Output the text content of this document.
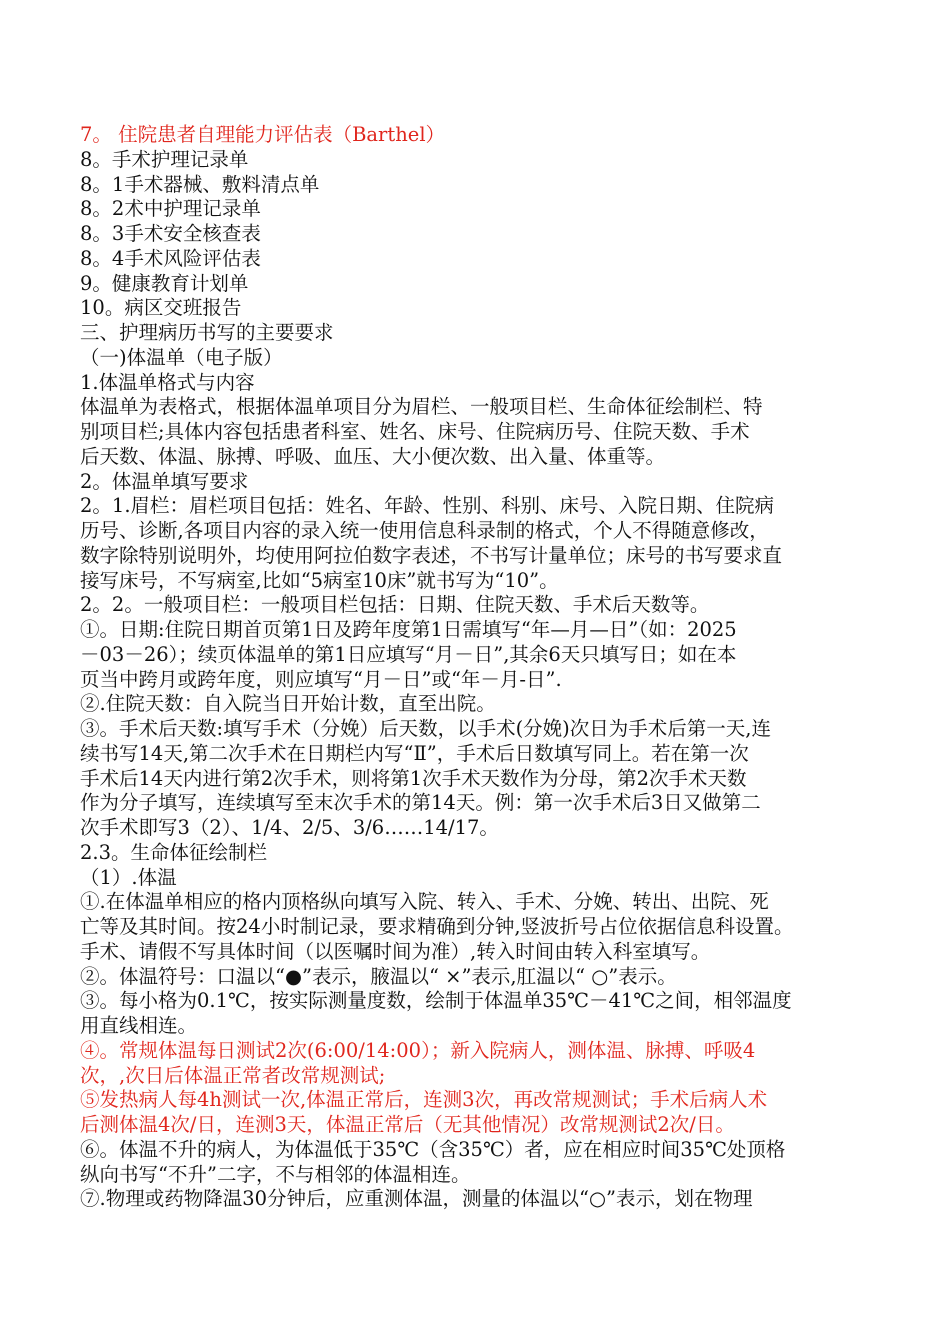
7。 住院患者自理能力评估表（Barthel）
8。手术护理记录单
8。1手术器械、敷料清点单
8。2术中护理记录单
8。3手术安全核查表
8。4手术风险评估表
9。健康教育计划单
10。病区交班报告
三、护理病历书写的主要要求
（一)体温单（电子版）
1.体温单格式与内容
体温单为表格式，根据体温单项目分为眉栏、一般项目栏、生命体征绘制栏、特
别项目栏;具体内容包括患者科室、姓名、床号、住院病历号、住院天数、手术
后天数、体温、脉搏、呼吸、血压、大小便次数、出入量、体重等。
2。体温单填写要求
2。1.眉栏：眉栏项目包括：姓名、年龄、性别、科别、床号、入院日期、住院病
历号、诊断,各项目内容的录入统一使用信息科录制的格式，个人不得随意修改，
数字除特别说明外，均使用阿拉伯数字表述，不书写计量单位；床号的书写要求直
接写床号，不写病室,比如“5病室10床”就书写为“10”。
2。2。一般项目栏：一般项目栏包括：日期、住院天数、手术后天数等。
①。日期:住院日期首页第1日及跨年度第1日需填写“年—月—日”（如：2025
－03－26）；续页体温单的第1日应填写“月－日”,其余6天只填写日；如在本
页当中跨月或跨年度，则应填写“月－日”或“年－月-日”.
②.住院天数：自入院当日开始计数，直至出院。
③。手术后天数:填写手术（分娩）后天数，以手术(分娩)次日为手术后第一天,连
续书写14天,第二次手术在日期栏内写“Ⅱ”，手术后日数填写同上。若在第一次
手术后14天内进行第2次手术，则将第1次手术天数作为分母，第2次手术天数
作为分子填写，连续填写至末次手术的第14天。例：第一次手术后3日又做第二
次手术即写3（2）、1/4、2/5、3/6……14/17。
2.3。生命体征绘制栏
（1）.体温
①.在体温单相应的格内顶格纵向填写入院、转入、手术、分娩、转出、出院、死
亡等及其时间。按24小时制记录，要求精确到分钟,竖波折号占位依据信息科设置。
手术、请假不写具体时间（以医嘱时间为准）,转入时间由转入科室填写。
②。体温符号：口温以“●”表示，腋温以“ ×”表示,肛温以“ ○”表示。
③。每小格为0.1℃，按实际测量度数，绘制于体温单35℃－41℃之间，相邻温度
用直线相连。
④。常规体温每日测试2次(6:00/14:00）；新入院病人，测体温、脉搏、呼吸4
次，,次日后体温正常者改常规测试;
⑤发热病人每4h测试一次,体温正常后，连测3次，再改常规测试；手术后病人术
后测体温4次/日，连测3天，体温正常后（无其他情况）改常规测试2次/日。
⑥。体温不升的病人，为体温低于35℃（含35℃）者，应在相应时间35℃处顶格
纵向书写“不升”二字，不与相邻的体温相连。
⑦.物理或药物降温30分钟后，应重测体温，测量的体温以“○”表示，划在物理
